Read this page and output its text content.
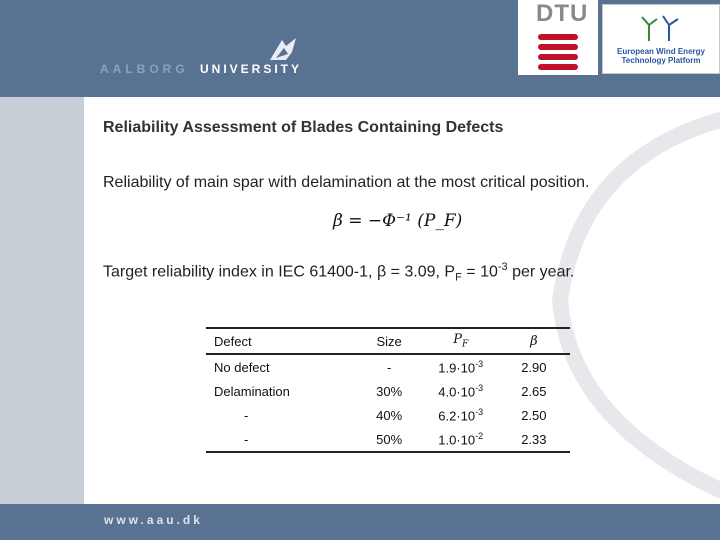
AALBORG UNIVERSITY
DTU
European Wind Energy
Technology Platform
Reliability Assessment of Blades Containing Defects
Reliability of main spar with delamination at the most critical position.
β = −Φ⁻¹ (P_F)
Target reliability index in IEC 61400-1, β = 3.09, $P_F = 10^{-3}$ per year.
Defect	Size	$P_F$	β
No defect	-	$1.9\cdot 10^{-3}$	2.90
Delamination	30%	$4.0\cdot 10^{-3}$	2.65
-	40%	$6.2\cdot 10^{-3}$	2.50
-	50%	$1.0\cdot 10^{-2}$	2.33
www.aau.dk
